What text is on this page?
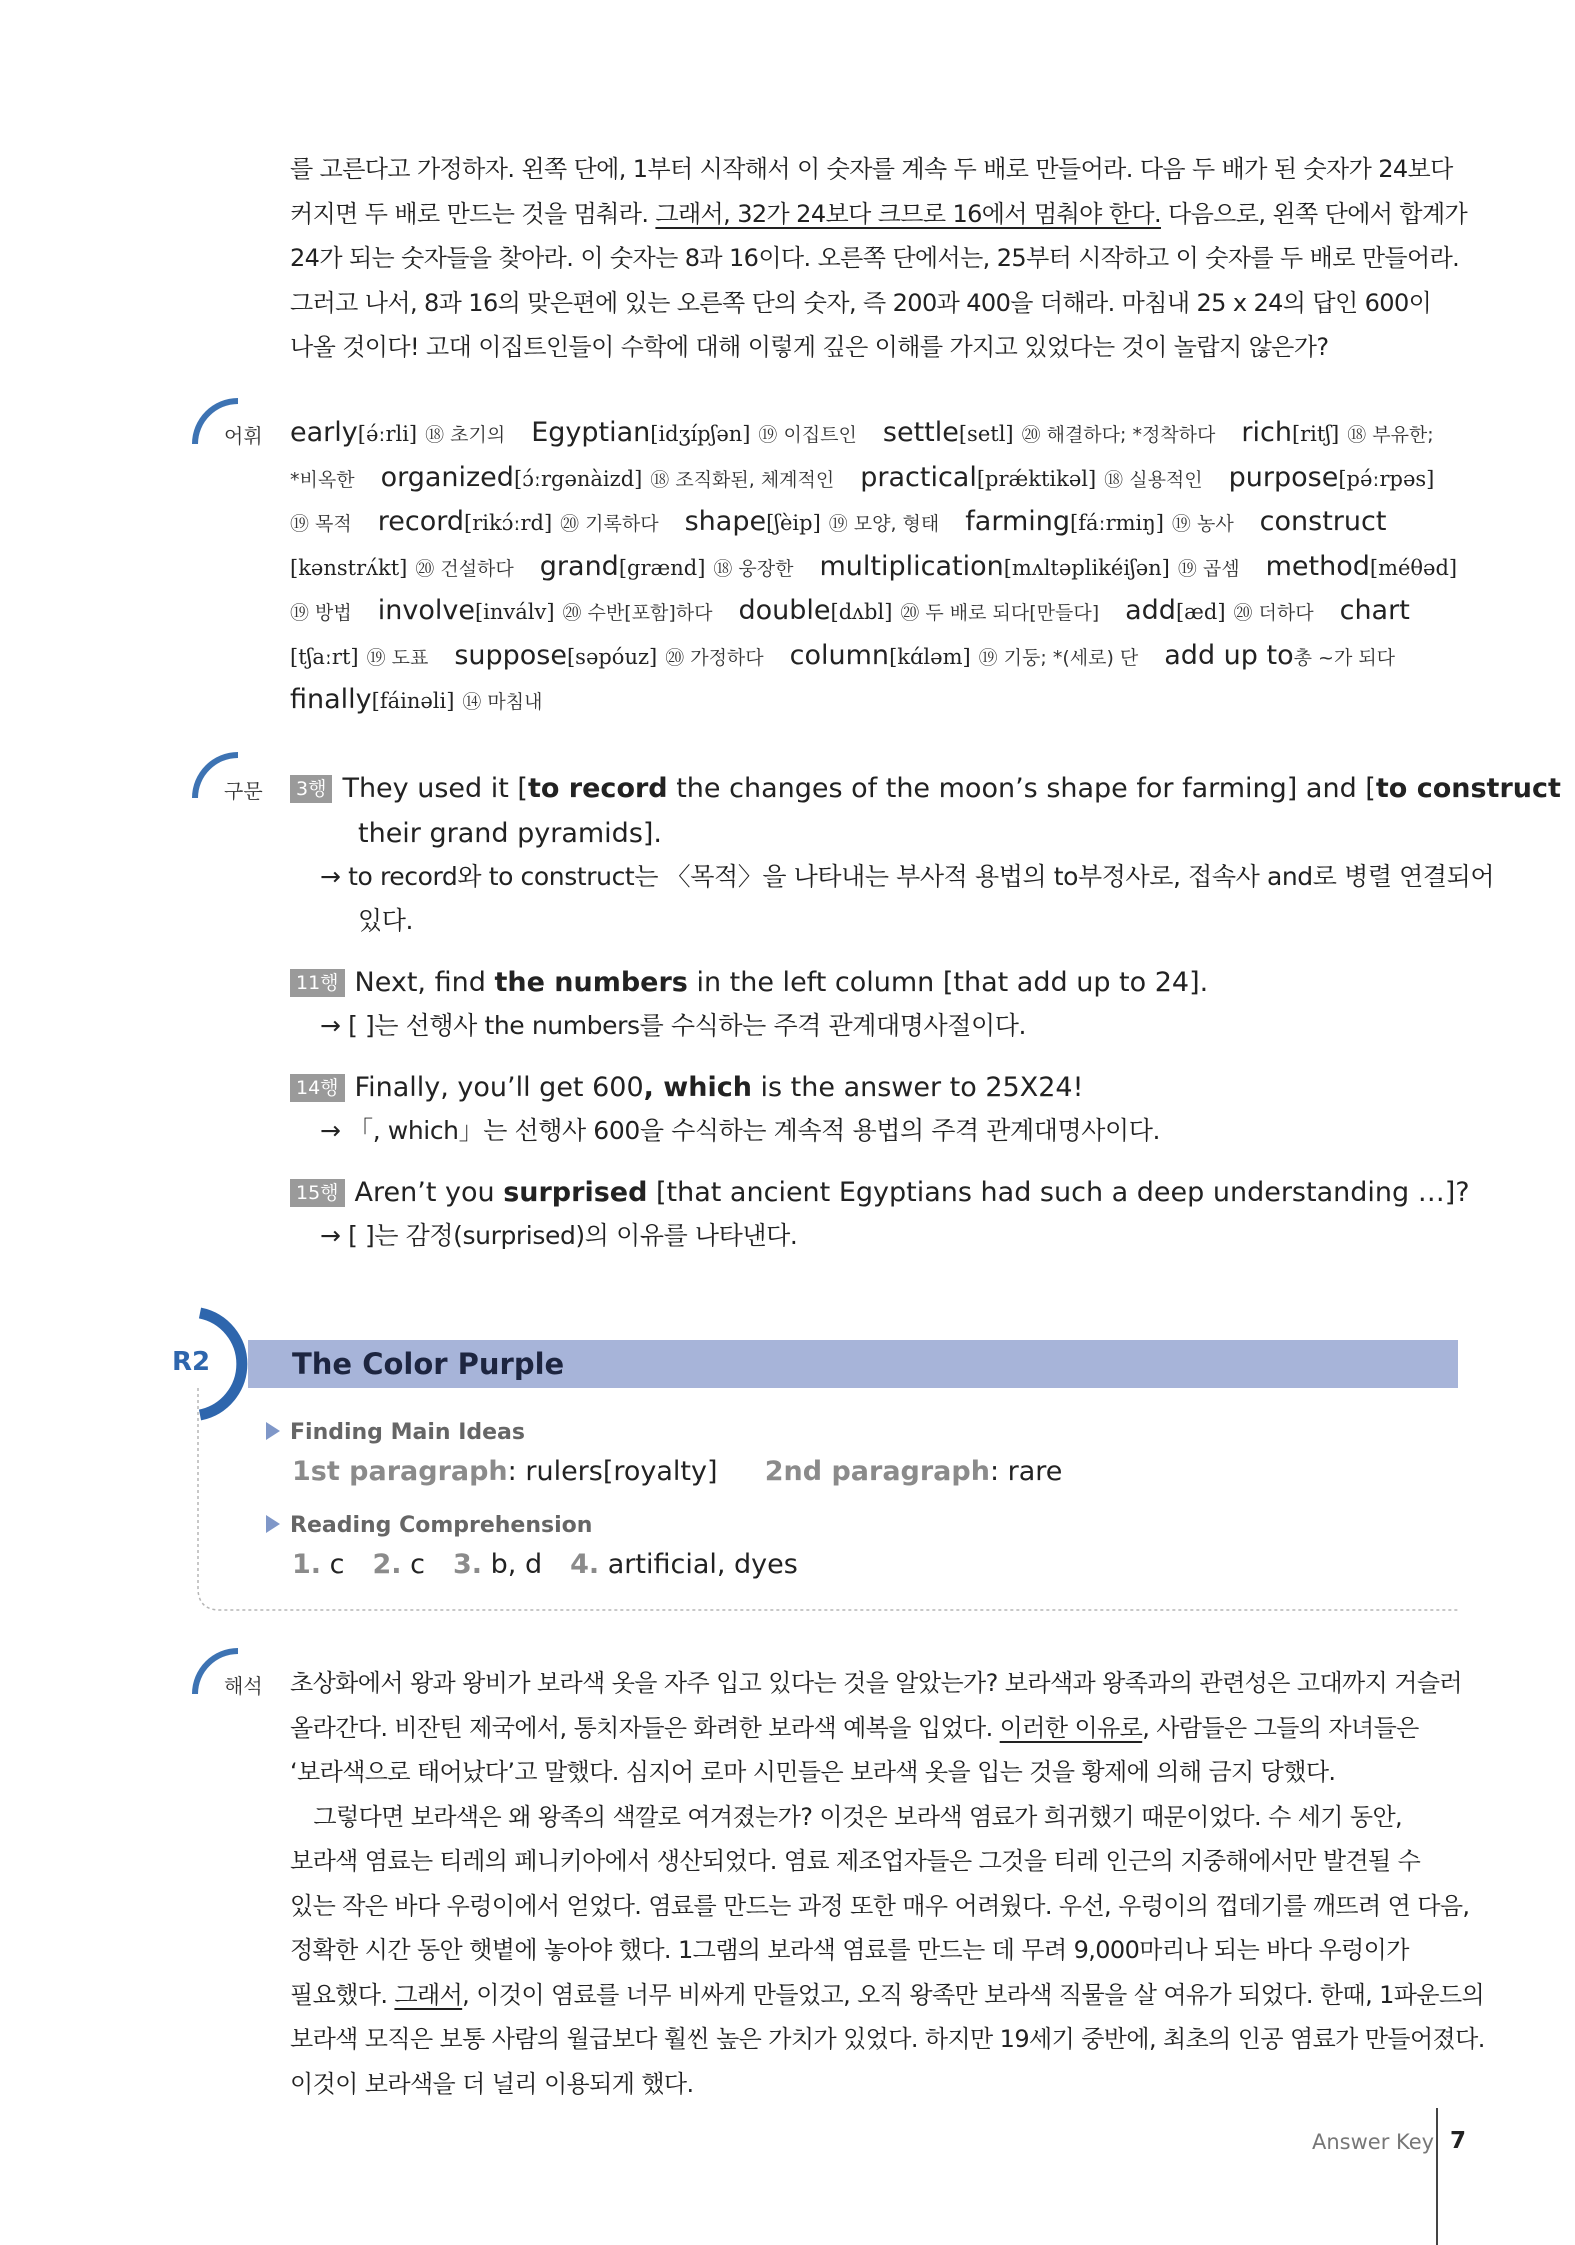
를 고른다고 가정하자. 왼쪽 단에, 1부터 시작해서 이 숫자를 계속 두 배로 만들어라. 다음 두 배가 된 숫자가 24보다
커지면 두 배로 만드는 것을 멈춰라. 그래서, 32가 24보다 크므로 16에서 멈춰야 한다. 다음으로, 왼쪽 단에서 합계가
24가 되는 숫자들을 찾아라. 이 숫자는 8과 16이다. 오른쪽 단에서는, 25부터 시작하고 이 숫자를 두 배로 만들어라.
그러고 나서, 8과 16의 맞은편에 있는 오른쪽 단의 숫자, 즉 200과 400을 더해라. 마침내 25 x 24의 답인 600이
나올 것이다! 고대 이집트인들이 수학에 대해 이렇게 깊은 이해를 가지고 있었다는 것이 놀랍지 않은가?
어휘 early[ə́ːrli] ⑱ 초기의 Egyptian[idʒípʃən] ⑲ 이집트인 settle[setl] ⑳ 해결하다; *정착하다 rich[ritʃ] ⑱ 부유한;
*비옥한 organized[ɔ́ːrgənàizd] ⑱ 조직화된, 체계적인 practical[prǽktikəl] ⑱ 실용적인 purpose[pə́ːrpəs]
⑲ 목적 record[rikɔ́ːrd] ⑳ 기록하다 shape[ʃèip] ⑲ 모양, 형태 farming[fáːrmiŋ] ⑲ 농사 construct
[kənstrʌ́kt] ⑳ 건설하다 grand[grænd] ⑱ 웅장한 multiplication[mʌltəplikéiʃən] ⑲ 곱셈 method[méθəd]
⑲ 방법 involve[inválv] ⑳ 수반[포함]하다 double[dʌbl] ⑳ 두 배로 되다[만들다] add[æd] ⑳ 더하다 chart
[tʃaːrt] ⑲ 도표 suppose[səpóuz] ⑳ 가정하다 column[kɑ́ləm] ⑲ 기둥; *(세로) 단 add up to총 ~가 되다
finally[fáinəli] ⑭ 마침내
구문	3행 They used it [to record the changes of the moon’s shape for farming] and [to construct
their grand pyramids].
→ to record와 to construct는 〈목적〉을 나타내는 부사적 용법의 to부정사로, 접속사 and로 병렬 연결되어
있다.
11행 Next, find the numbers in the left column [that add up to 24].
→ [ ]는 선행사 the numbers를 수식하는 주격 관계대명사절이다.
14행 Finally, you’ll get 600, which is the answer to 25X24!
→ 「, which」는 선행사 600을 수식하는 계속적 용법의 주격 관계대명사이다.
15행 Aren’t you surprised [that ancient Egyptians had such a deep understanding …]?
→ [ ]는 감정(surprised)의 이유를 나타낸다.
R2	The Color Purple
Finding Main Ideas
1st paragraph: rulers[royalty] 2nd paragraph: rare
Reading Comprehension
1. c 2. c 3. b, d 4. artificial, dyes
해석 초상화에서 왕과 왕비가 보라색 옷을 자주 입고 있다는 것을 알았는가? 보라색과 왕족과의 관련성은 고대까지 거슬러
올라간다. 비잔틴 제국에서, 통치자들은 화려한 보라색 예복을 입었다. 이러한 이유로, 사람들은 그들의 자녀들은
‘보라색으로 태어났다’고 말했다. 심지어 로마 시민들은 보라색 옷을 입는 것을 황제에 의해 금지 당했다.
　그렇다면 보라색은 왜 왕족의 색깔로 여겨졌는가? 이것은 보라색 염료가 희귀했기 때문이었다. 수 세기 동안,
보라색 염료는 티레의 페니키아에서 생산되었다. 염료 제조업자들은 그것을 티레 인근의 지중해에서만 발견될 수
있는 작은 바다 우렁이에서 얻었다. 염료를 만드는 과정 또한 매우 어려웠다. 우선, 우렁이의 껍데기를 깨뜨려 연 다음,
정확한 시간 동안 햇볕에 놓아야 했다. 1그램의 보라색 염료를 만드는 데 무려 9,000마리나 되는 바다 우렁이가
필요했다. 그래서, 이것이 염료를 너무 비싸게 만들었고, 오직 왕족만 보라색 직물을 살 여유가 되었다. 한때, 1파운드의
보라색 모직은 보통 사람의 월급보다 훨씬 높은 가치가 있었다. 하지만 19세기 중반에, 최초의 인공 염료가 만들어졌다.
이것이 보라색을 더 널리 이용되게 했다.
Answer Key 7
